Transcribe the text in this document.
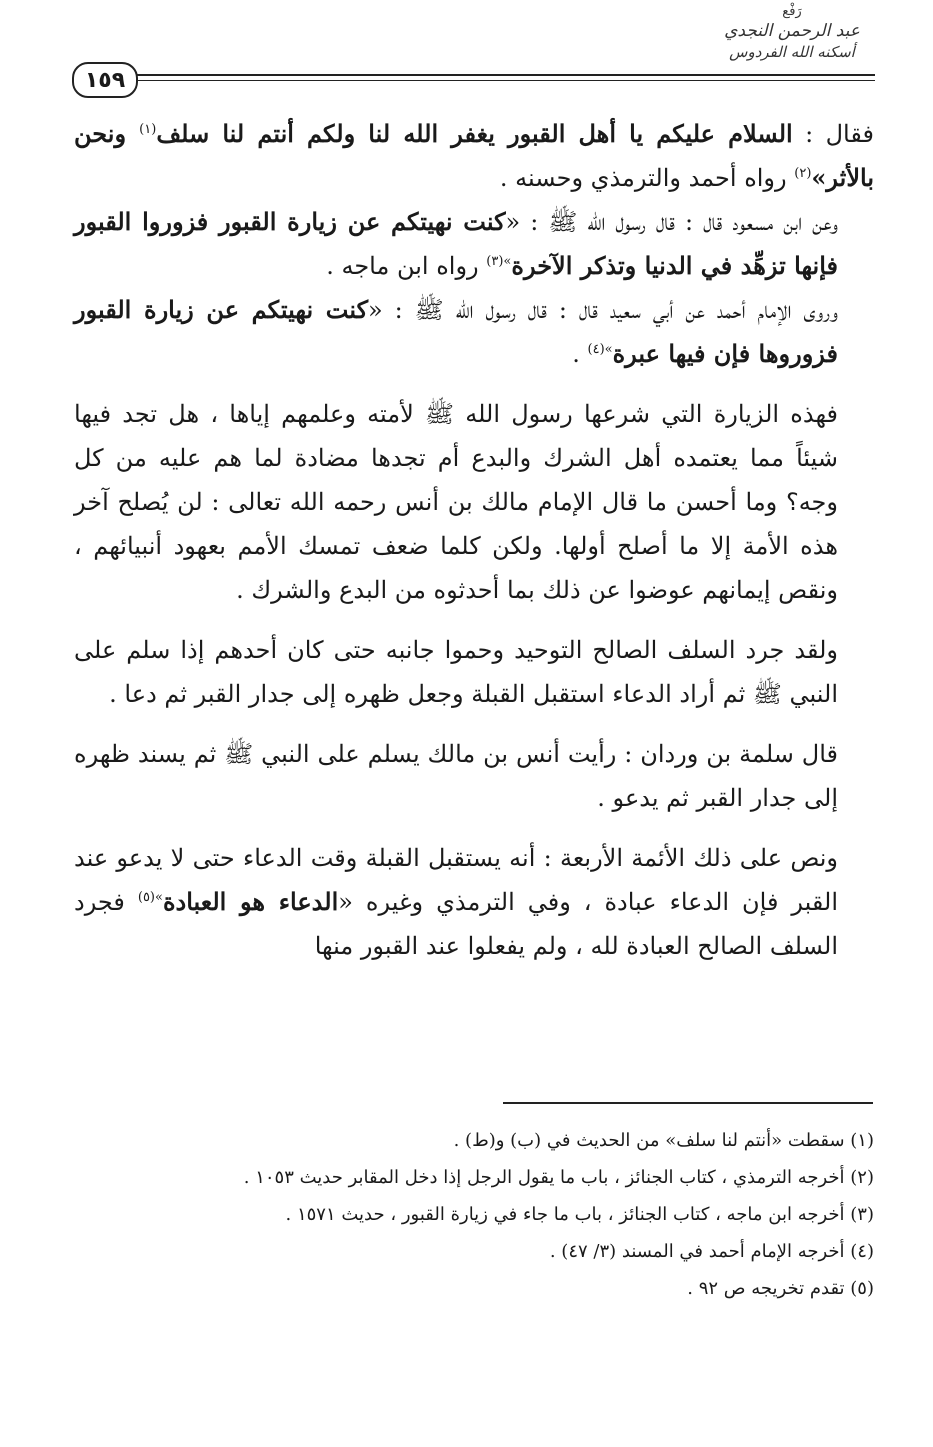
رَفْع
عبد الرحمن النجدي
أسكنه الله الفردوس
١٥٩

فقال : السلام عليكم يا أهل القبور يغفر الله لنا ولكم أنتم لنا سلف$^{(١)}$ ونحن بالأثر»$^{(٢)}$ رواه أحمد والترمذي وحسنه .

وعن ابن مسعود قال : قال رسول الله ﷺ : «كنت نهيتكم عن زيارة القبور فزوروا القبور فإنها تزهِّد في الدنيا وتذكر الآخرة$^{»(٣)}$ رواه ابن ماجه .

وروى الإمام أحمد عن أبي سعيد قال : قال رسول الله ﷺ : «كنت نهيتكم عن زيارة القبور فزوروها فإن فيها عبرة$^{»(٤)}$ .

فهذه الزيارة التي شرعها رسول الله ﷺ لأمته وعلمهم إياها ، هل تجد فيها شيئاً مما يعتمده أهل الشرك والبدع أم تجدها مضادة لما هم عليه من كل وجه؟ وما أحسن ما قال الإمام مالك بن أنس رحمه الله تعالى : لن يُصلح آخر هذه الأمة إلا ما أصلح أولها. ولكن كلما ضعف تمسك الأمم بعهود أنبيائهم ، ونقص إيمانهم عوضوا عن ذلك بما أحدثوه من البدع والشرك .

ولقد جرد السلف الصالح التوحيد وحموا جانبه حتى كان أحدهم إذا سلم على النبي ﷺ ثم أراد الدعاء استقبل القبلة وجعل ظهره إلى جدار القبر ثم دعا .

قال سلمة بن وردان : رأيت أنس بن مالك يسلم على النبي ﷺ ثم يسند ظهره إلى جدار القبر ثم يدعو .

ونص على ذلك الأئمة الأربعة : أنه يستقبل القبلة وقت الدعاء حتى لا يدعو عند القبر فإن الدعاء عبادة ، وفي الترمذي وغيره «الدعاء هو العبادة$^{»(٥)}$ فجرد السلف الصالح العبادة لله ، ولم يفعلوا عند القبور منها

(١) سقطت «أنتم لنا سلف» من الحديث في (ب) و(ط) .

(٢) أخرجه الترمذي ، كتاب الجنائز ، باب ما يقول الرجل إذا دخل المقابر حديث ١٠٥٣ .

(٣) أخرجه ابن ماجه ، كتاب الجنائز ، باب ما جاء في زيارة القبور ، حديث ١٥٧١ .

(٤) أخرجه الإمام أحمد في المسند (٣/ ٤٧) .

(٥) تقدم تخريجه ص ٩٢ .
